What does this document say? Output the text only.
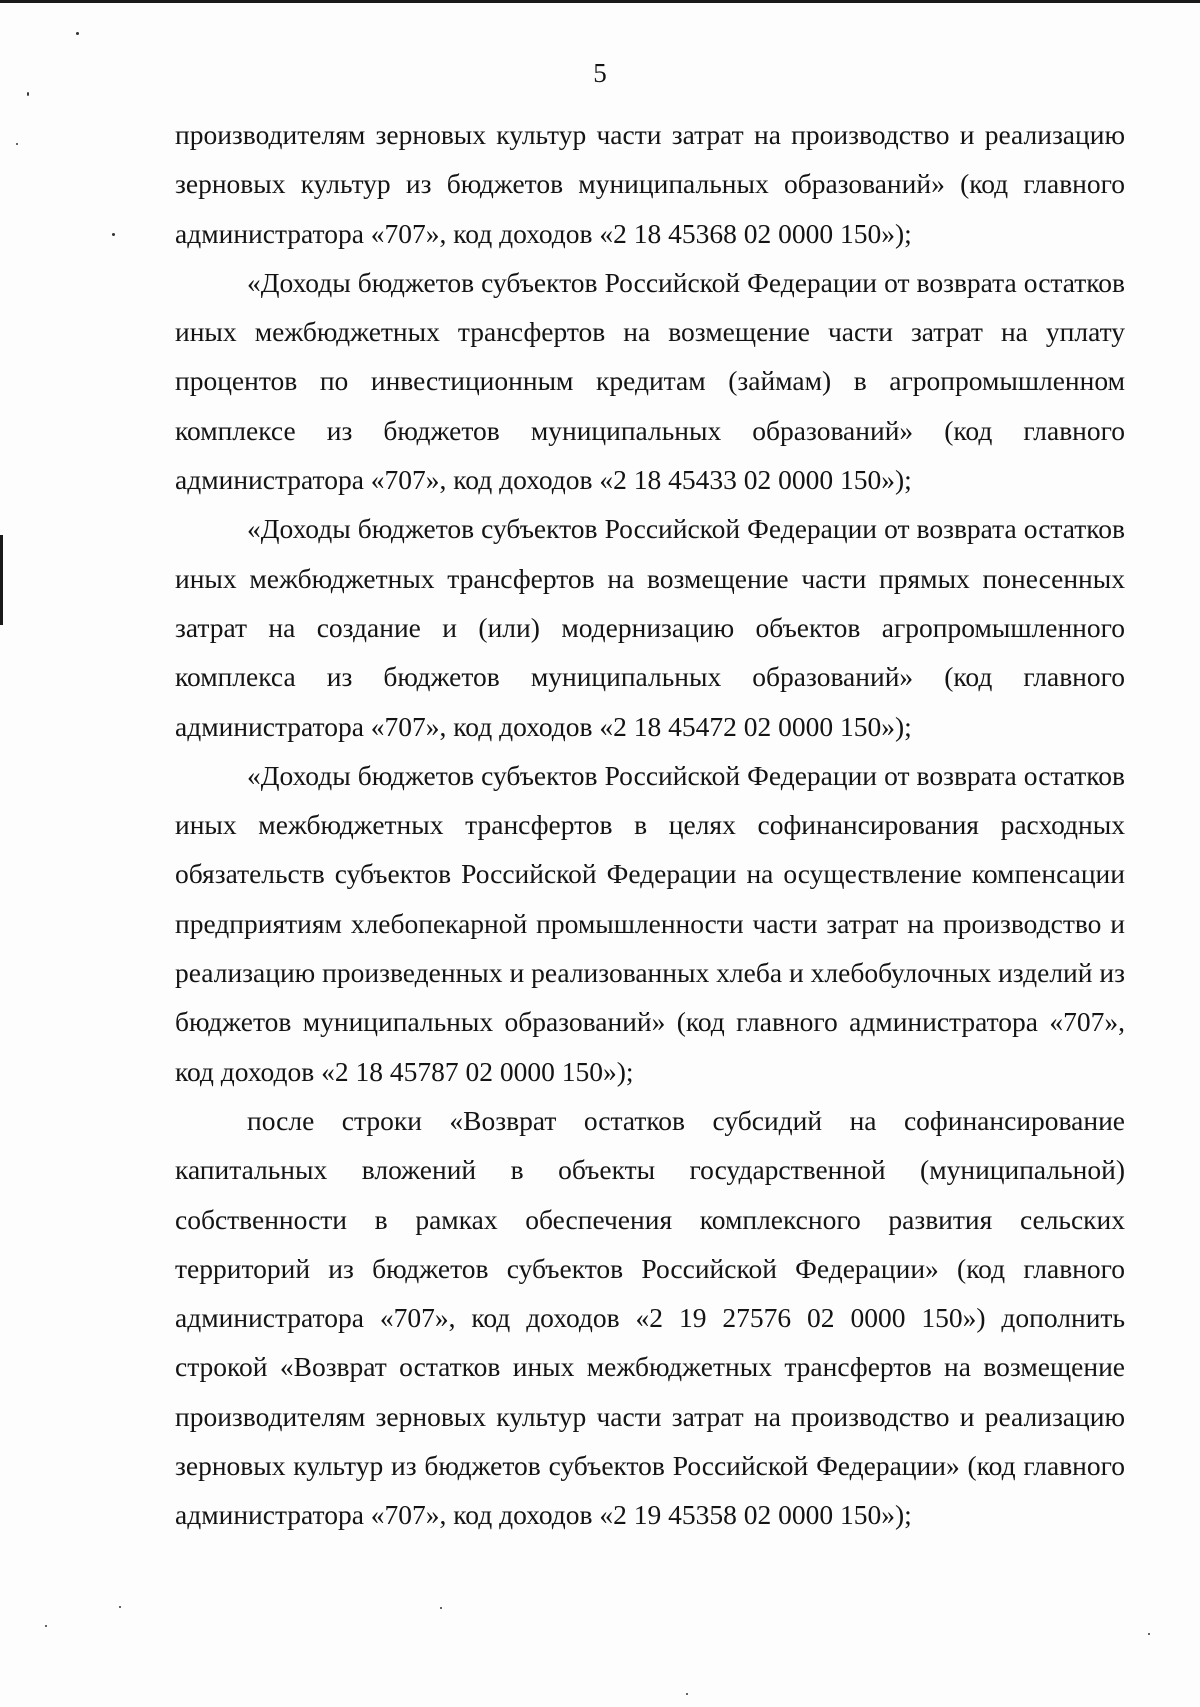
5

производителям зерновых культур части затрат на производство и реализацию зерновых культур из бюджетов муниципальных образований» (код главного администратора «707», код доходов «2 18 45368 02 0000 150»);

«Доходы бюджетов субъектов Российской Федерации от возврата остатков иных межбюджетных трансфертов на возмещение части затрат на уплату процентов по инвестиционным кредитам (займам) в агропромышленном комплексе из бюджетов муниципальных образований» (код главного администратора «707», код доходов «2 18 45433 02 0000 150»);

«Доходы бюджетов субъектов Российской Федерации от возврата остатков иных межбюджетных трансфертов на возмещение части прямых понесенных затрат на создание и (или) модернизацию объектов агропромышленного комплекса из бюджетов муниципальных образований» (код главного администратора «707», код доходов «2 18 45472 02 0000 150»);

«Доходы бюджетов субъектов Российской Федерации от возврата остатков иных межбюджетных трансфертов в целях софинансирования расходных обязательств субъектов Российской Федерации на осуществление компенсации предприятиям хлебопекарной промышленности части затрат на производство и реализацию произведенных и реализованных хлеба и хлебобулочных изделий из бюджетов муниципальных образований» (код главного администратора «707», код доходов «2 18 45787 02 0000 150»);

после строки «Возврат остатков субсидий на софинансирование капитальных вложений в объекты государственной (муниципальной) собственности в рамках обеспечения комплексного развития сельских территорий из бюджетов субъектов Российской Федерации» (код главного администратора «707», код доходов «2 19 27576 02 0000 150») дополнить строкой «Возврат остатков иных межбюджетных трансфертов на возмещение производителям зерновых культур части затрат на производство и реализацию зерновых культур из бюджетов субъектов Российской Федерации» (код главного администратора «707», код доходов «2 19 45358 02 0000 150»);
